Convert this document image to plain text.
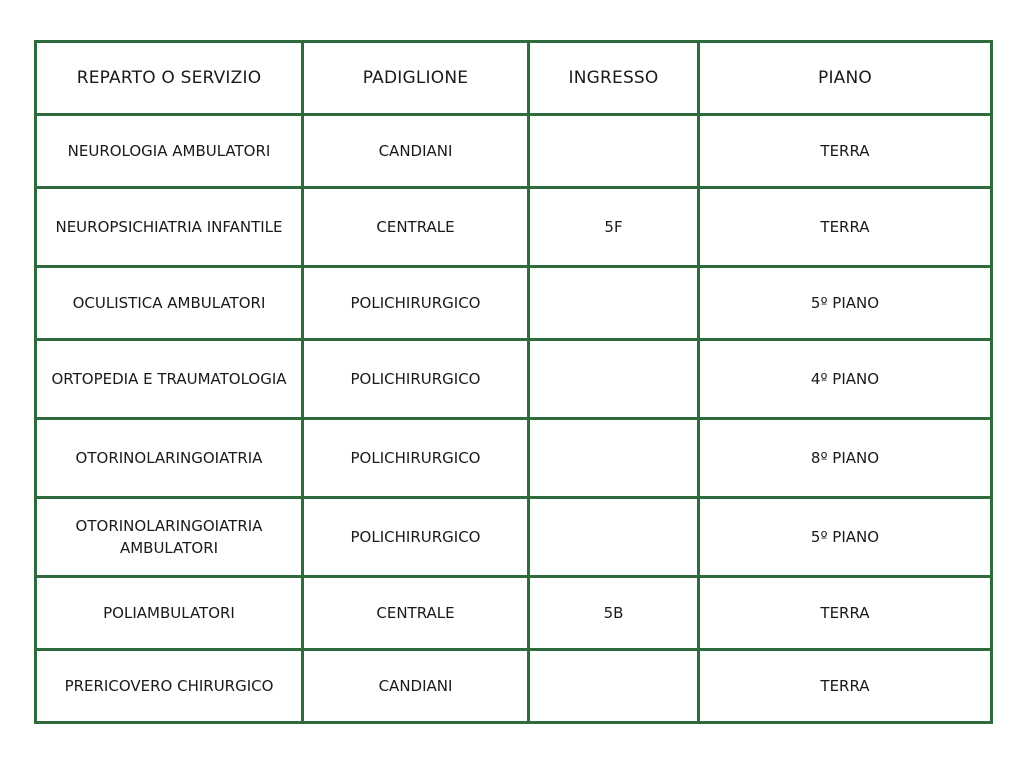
REPARTO O SERVIZIO	PADIGLIONE	INGRESSO	PIANO
NEUROLOGIA AMBULATORI	CANDIANI		TERRA
NEUROPSICHIATRIA INFANTILE	CENTRALE	5F	TERRA
OCULISTICA AMBULATORI	POLICHIRURGICO		5º PIANO
ORTOPEDIA E TRAUMATOLOGIA	POLICHIRURGICO		4º PIANO
OTORINOLARINGOIATRIA	POLICHIRURGICO		8º PIANO
OTORINOLARINGOIATRIA AMBULATORI	POLICHIRURGICO		5º PIANO
POLIAMBULATORI	CENTRALE	5B	TERRA
PRERICOVERO CHIRURGICO	CANDIANI		TERRA
